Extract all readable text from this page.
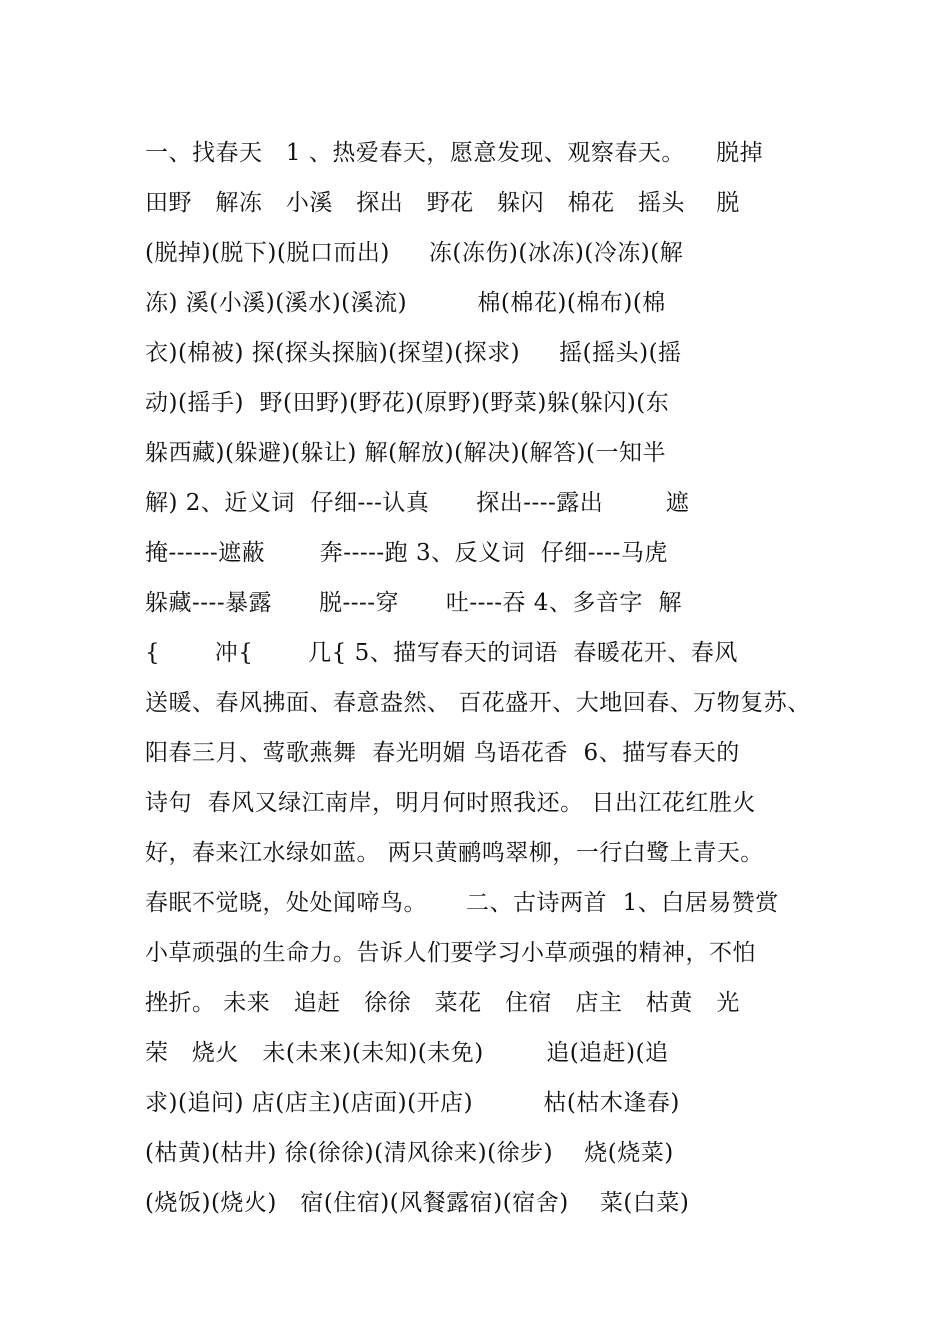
一、找春天   1 、热爱春天，愿意发现、观察春天。    脱掉
田野   解冻   小溪   探出   野花   躲闪   棉花   摇头    脱
(脱掉)(脱下)(脱口而出)     冻(冻伤)(冰冻)(冷冻)(解
冻) 溪(小溪)(溪水)(溪流)         棉(棉花)(棉布)(棉
衣)(棉被) 探(探头探脑)(探望)(探求)     摇(摇头)(摇
动)(摇手)  野(田野)(野花)(原野)(野菜)躲(躲闪)(东
躲西藏)(躲避)(躲让) 解(解放)(解决)(解答)(一知半
解) 2、近义词  仔细---认真      探出----露出        遮
掩------遮蔽       奔-----跑 3、反义词  仔细----马虎
躲藏----暴露      脱----穿      吐----吞 4、多音字  解
{       冲{       几{ 5、描写春天的词语  春暖花开、春风
送暖、春风拂面、春意盎然、 百花盛开、大地回春、万物复苏、
阳春三月、莺歌燕舞  春光明媚 鸟语花香  6、描写春天的
诗句  春风又绿江南岸，明月何时照我还。 日出江花红胜火
好，春来江水绿如蓝。 两只黄鹂鸣翠柳，一行白鹭上青天。
春眠不觉晓，处处闻啼鸟。     二、古诗两首  1、白居易赞赏
小草顽强的生命力。告诉人们要学习小草顽强的精神，不怕
挫折。 未来   追赶   徐徐   菜花   住宿   店主   枯黄   光
荣   烧火   未(未来)(未知)(未免)        追(追赶)(追
求)(追问) 店(店主)(店面)(开店)         枯(枯木逢春)
(枯黄)(枯井) 徐(徐徐)(清风徐来)(徐步)    烧(烧菜)
(烧饭)(烧火)   宿(住宿)(风餐露宿)(宿舍)    菜(白菜)
